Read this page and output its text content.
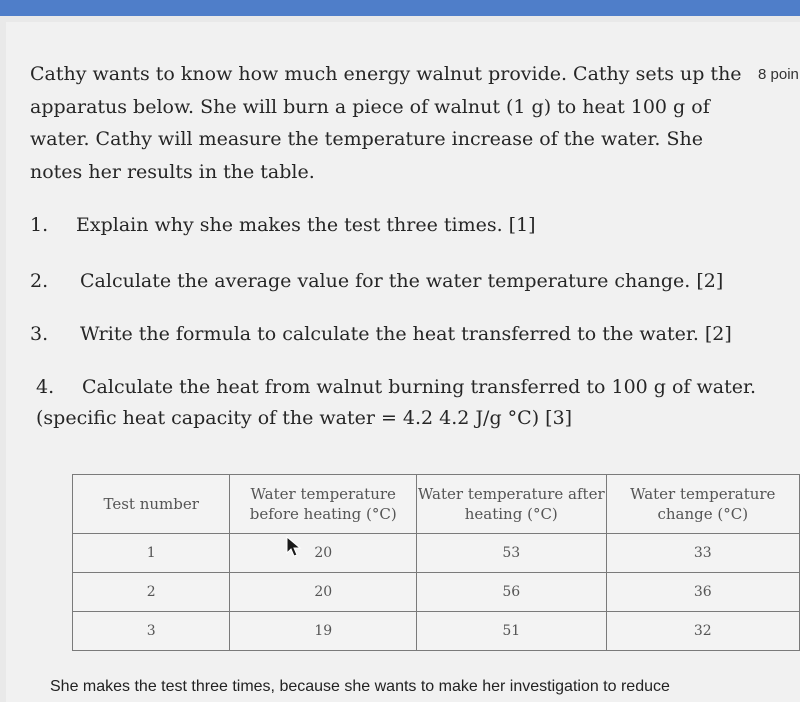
8 poin
Cathy wants to know how much energy walnut provide. Cathy sets up the apparatus below. She will burn a piece of walnut (1 g) to heat 100 g of water. Cathy will measure the temperature increase of the water. She notes her results in the table.
1. Explain why she makes the test three times. [1]
2. Calculate the average value for the water temperature change. [2]
3. Write the formula to calculate the heat transferred to the water. [2]
4. Calculate the heat from walnut burning transferred to 100 g of water.
(specific heat capacity of the water = 4.2 4.2 J/g °C) [3]
Test number	Water temperature before heating (°C)	Water temperature after heating (°C)	Water temperature change (°C)
1	20	53	33
2	20	56	36
3	19	51	32
She makes the test three times, because she wants to make her investigation to reduce
